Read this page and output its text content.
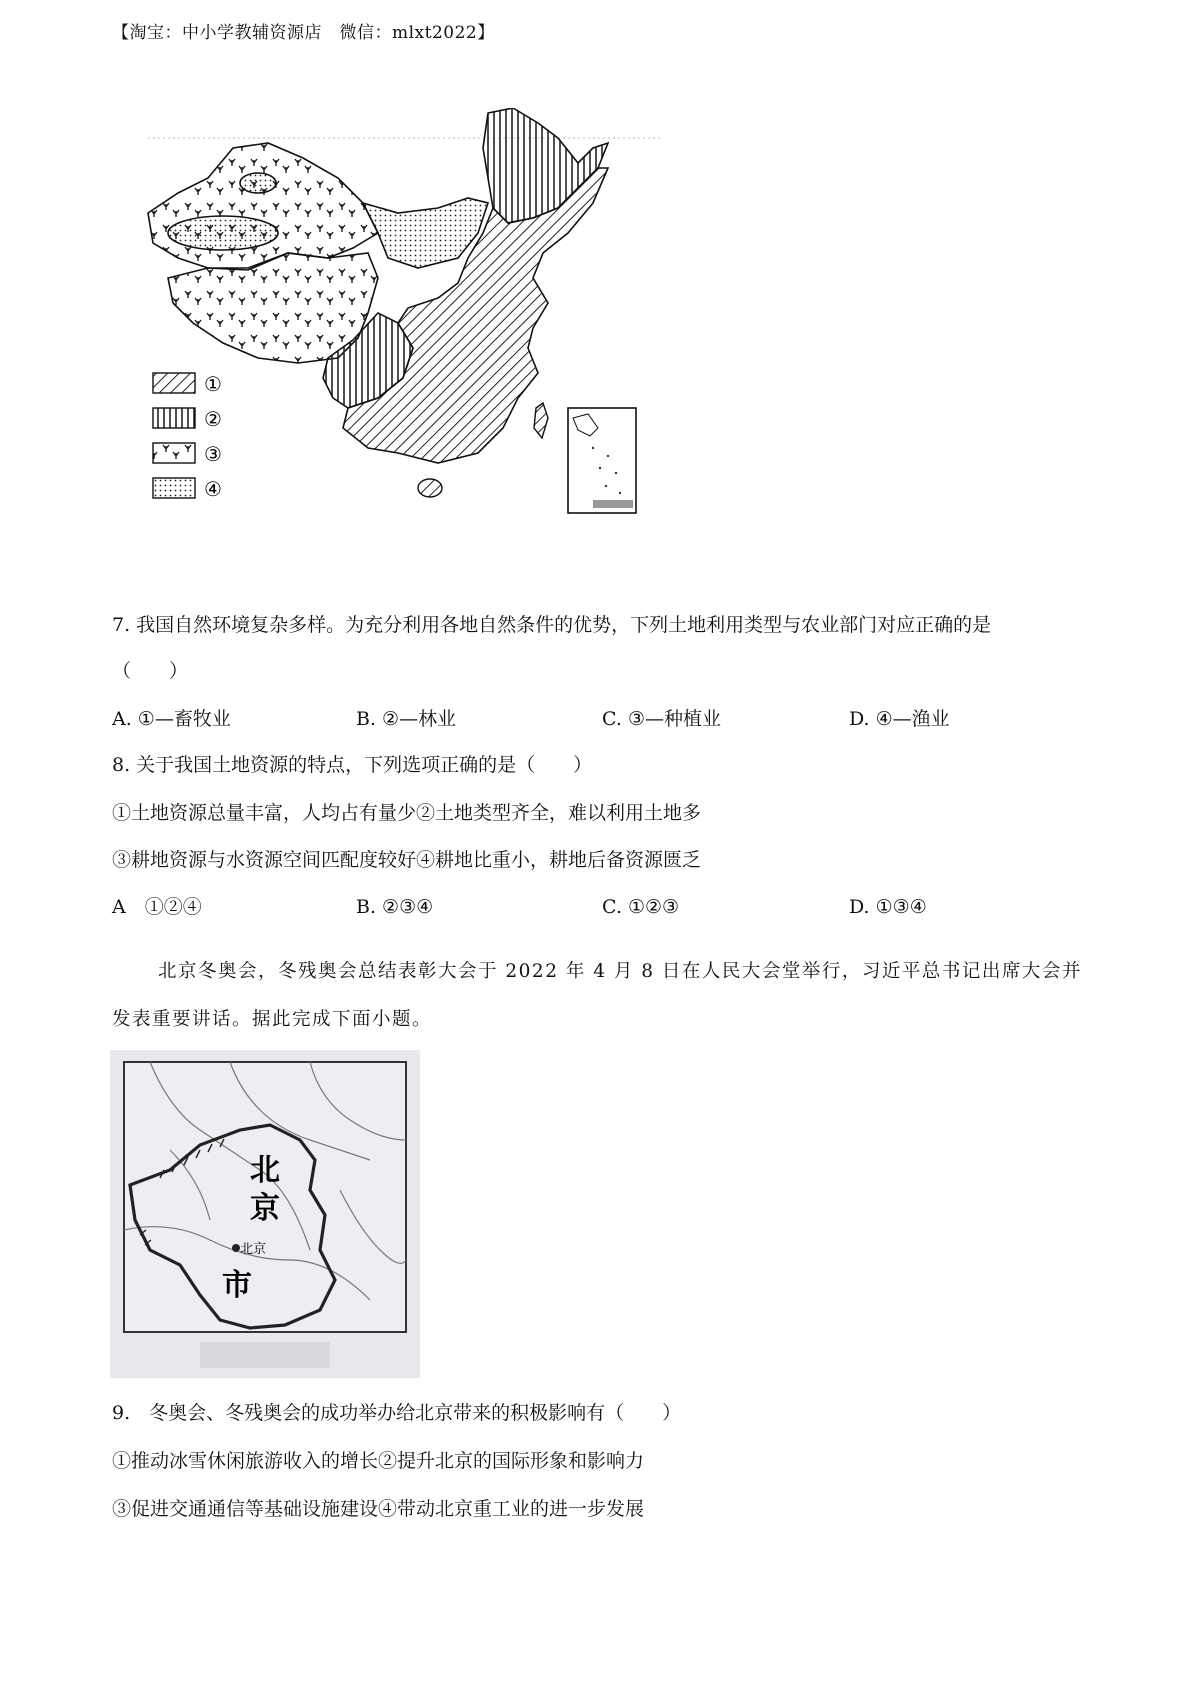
【淘宝：中小学教辅资源店　微信：mlxt2022】
①
②
③
④
7. 我国自然环境复杂多样。为充分利用各地自然条件的优势，下列土地利用类型与农业部门对应正确的是
（　　）
A. ①—畜牧业	B. ②—林业	C. ③—种植业	D. ④—渔业
8. 关于我国土地资源的特点，下列选项正确的是（　　）
①土地资源总量丰富，人均占有量少②土地类型齐全，难以利用土地多
③耕地资源与水资源空间匹配度较好④耕地比重小，耕地后备资源匮乏
A　①②④	B. ②③④	C. ①②③	D. ①③④
北京冬奥会，冬残奥会总结表彰大会于 2022 年 4 月 8 日在人民大会堂举行，习近平总书记出席大会并
发表重要讲话。据此完成下面小题。
北
京
市
北京
9.　冬奥会、冬残奥会的成功举办给北京带来的积极影响有（　　）
①推动冰雪休闲旅游收入的增长②提升北京的国际形象和影响力
③促进交通通信等基础设施建设④带动北京重工业的进一步发展
